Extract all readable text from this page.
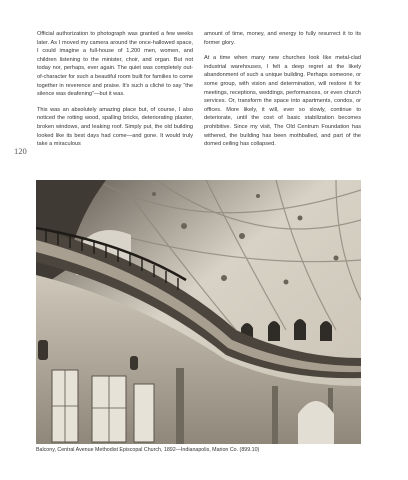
120

Official authorization to photograph was granted a few weeks later. As I moved my camera around the once-hallowed space, I could imagine a full-house of 1,200 men, women, and children listening to the minister, choir, and organ. But not today nor, perhaps, ever again. The quiet was completely out-of-character for such a beautiful room built for families to come together in reverence and praise. It's such a cliché to say “the silence was deafening”—but it was.

This was an absolutely amazing place but, of course, I also noticed the rotting wood, spalling bricks, deteriorating plaster, broken windows, and leaking roof. Simply put, the old building looked like its best days had come—and gone. It would truly take a miraculous

amount of time, money, and energy to fully resurrect it to its former glory.

At a time when many new churches look like metal-clad industrial warehouses, I felt a deep regret at the likely abandonment of such a unique building. Perhaps someone, or some group, with vision and determination, will restore it for meetings, receptions, weddings, performances, or even church services. Or, transform the space into apartments, condos, or offices. More likely, it will, ever so slowly, continue to deteriorate, until the cost of basic stabilization becomes prohibitive. Since my visit, The Old Centrum Foundation has withered, the building has been mothballed, and part of the domed ceiling has collapsed.

Balcony, Central Avenue Methodist Episcopal Church, 1892—Indianapolis, Marion Co. (899.10)
